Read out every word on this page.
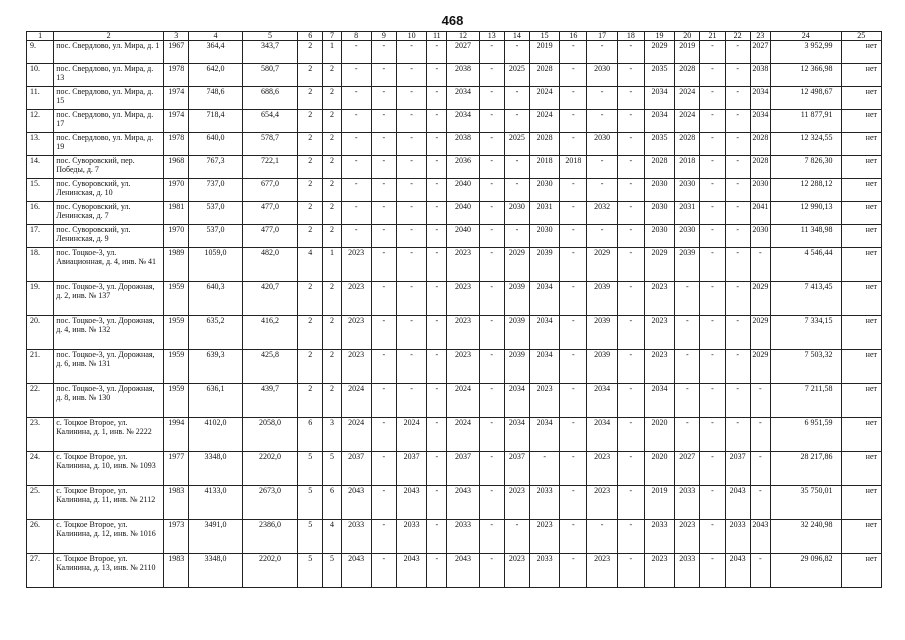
468
1	2	3	4	5	6	7	8	9	10	11	12	13	14	15	16	17	18	19	20	21	22	23	24	25
9.	пос. Свердлово, ул. Мира, д. 1	1967	364,4	343,7	2	1	-	-	-	-	2027	-	-	2019	-	-	-	2029	2019	-	-	2027	3 952,99	нет
10.	пос. Свердлово, ул. Мира, д. 13	1978	642,0	580,7	2	2	-	-	-	-	2038	-	2025	2028	-	2030	-	2035	2028	-	-	2038	12 366,98	нет
11.	пос. Свердлово, ул. Мира, д. 15	1974	748,6	688,6	2	2	-	-	-	-	2034	-	-	2024	-	-	-	2034	2024	-	-	2034	12 498,67	нет
12.	пос. Свердлово, ул. Мира, д. 17	1974	718,4	654,4	2	2	-	-	-	-	2034	-	-	2024	-	-	-	2034	2024	-	-	2034	11 877,91	нет
13.	пос. Свердлово, ул. Мира, д. 19	1978	640,0	578,7	2	2	-	-	-	-	2038	-	2025	2028	-	2030	-	2035	2028	-	-	2028	12 324,55	нет
14.	пос. Суворовский, пер. Победы, д. 7	1968	767,3	722,1	2	2	-	-	-	-	2036	-	-	2018	2018	-	-	2028	2018	-	-	2028	7 826,30	нет
15.	пос. Суворовский, ул. Ленинская, д. 10	1970	737,0	677,0	2	2	-	-	-	-	2040	-	-	2030	-	-	-	2030	2030	-	-	2030	12 288,12	нет
16.	пос. Суворовский, ул. Ленинская, д. 7	1981	537,0	477,0	2	2	-	-	-	-	2040	-	2030	2031	-	2032	-	2030	2031	-	-	2041	12 990,13	нет
17.	пос. Суворовский, ул. Ленинская, д. 9	1970	537,0	477,0	2	2	-	-	-	-	2040	-	-	2030	-	-	-	2030	2030	-	-	2030	11 348,98	нет
18.	пос. Тоцкое-3, ул. Авиационная, д. 4, инв. № 41	1989	1059,0	482,0	4	1	2023	-	-	-	2023	-	2029	2039	-	2029	-	2029	2039	-	-	-	4 546,44	нет
19.	пос. Тоцкое-3, ул. Дорожная, д. 2, инв. № 137	1959	640,3	420,7	2	2	2023	-	-	-	2023	-	2039	2034	-	2039	-	2023	-	-	-	2029	7 413,45	нет
20.	пос. Тоцкое-3, ул. Дорожная, д. 4, инв. № 132	1959	635,2	416,2	2	2	2023	-	-	-	2023	-	2039	2034	-	2039	-	2023	-	-	-	2029	7 334,15	нет
21.	пос. Тоцкое-3, ул. Дорожная, д. 6, инв. № 131	1959	639,3	425,8	2	2	2023	-	-	-	2023	-	2039	2034	-	2039	-	2023	-	-	-	2029	7 503,32	нет
22.	пос. Тоцкое-3, ул. Дорожная, д. 8, инв. № 130	1959	636,1	439,7	2	2	2024	-	-	-	2024	-	2034	2023	-	2034	-	2034	-	-	-	-	7 211,58	нет
23.	с. Тоцкое Второе, ул. Калинина, д. 1, инв. № 2222	1994	4102,0	2058,0	6	3	2024	-	2024	-	2024	-	2034	2034	-	2034	-	2020	-	-	-	-	6 951,59	нет
24.	с. Тоцкое Второе, ул. Калинина, д. 10, инв. № 1093	1977	3348,0	2202,0	5	5	2037	-	2037	-	2037	-	2037	-	-	2023	-	2020	2027	-	2037	-	28 217,86	нет
25.	с. Тоцкое Второе, ул. Калинина, д. 11, инв. № 2112	1983	4133,0	2673,0	5	6	2043	-	2043	-	2043	-	2023	2033	-	2023	-	2019	2033	-	2043	-	35 750,01	нет
26.	с. Тоцкое Второе, ул. Калинина, д. 12, инв. № 1016	1973	3491,0	2386,0	5	4	2033	-	2033	-	2033	-	-	2023	-	-	-	2033	2023	-	2033	2043	32 240,98	нет
27.	с. Тоцкое Второе, ул. Калинина, д. 13, инв. № 2110	1983	3348,0	2202,0	5	5	2043	-	2043	-	2043	-	2023	2033	-	2023	-	2023	2033	-	2043	-	29 096,82	нет
